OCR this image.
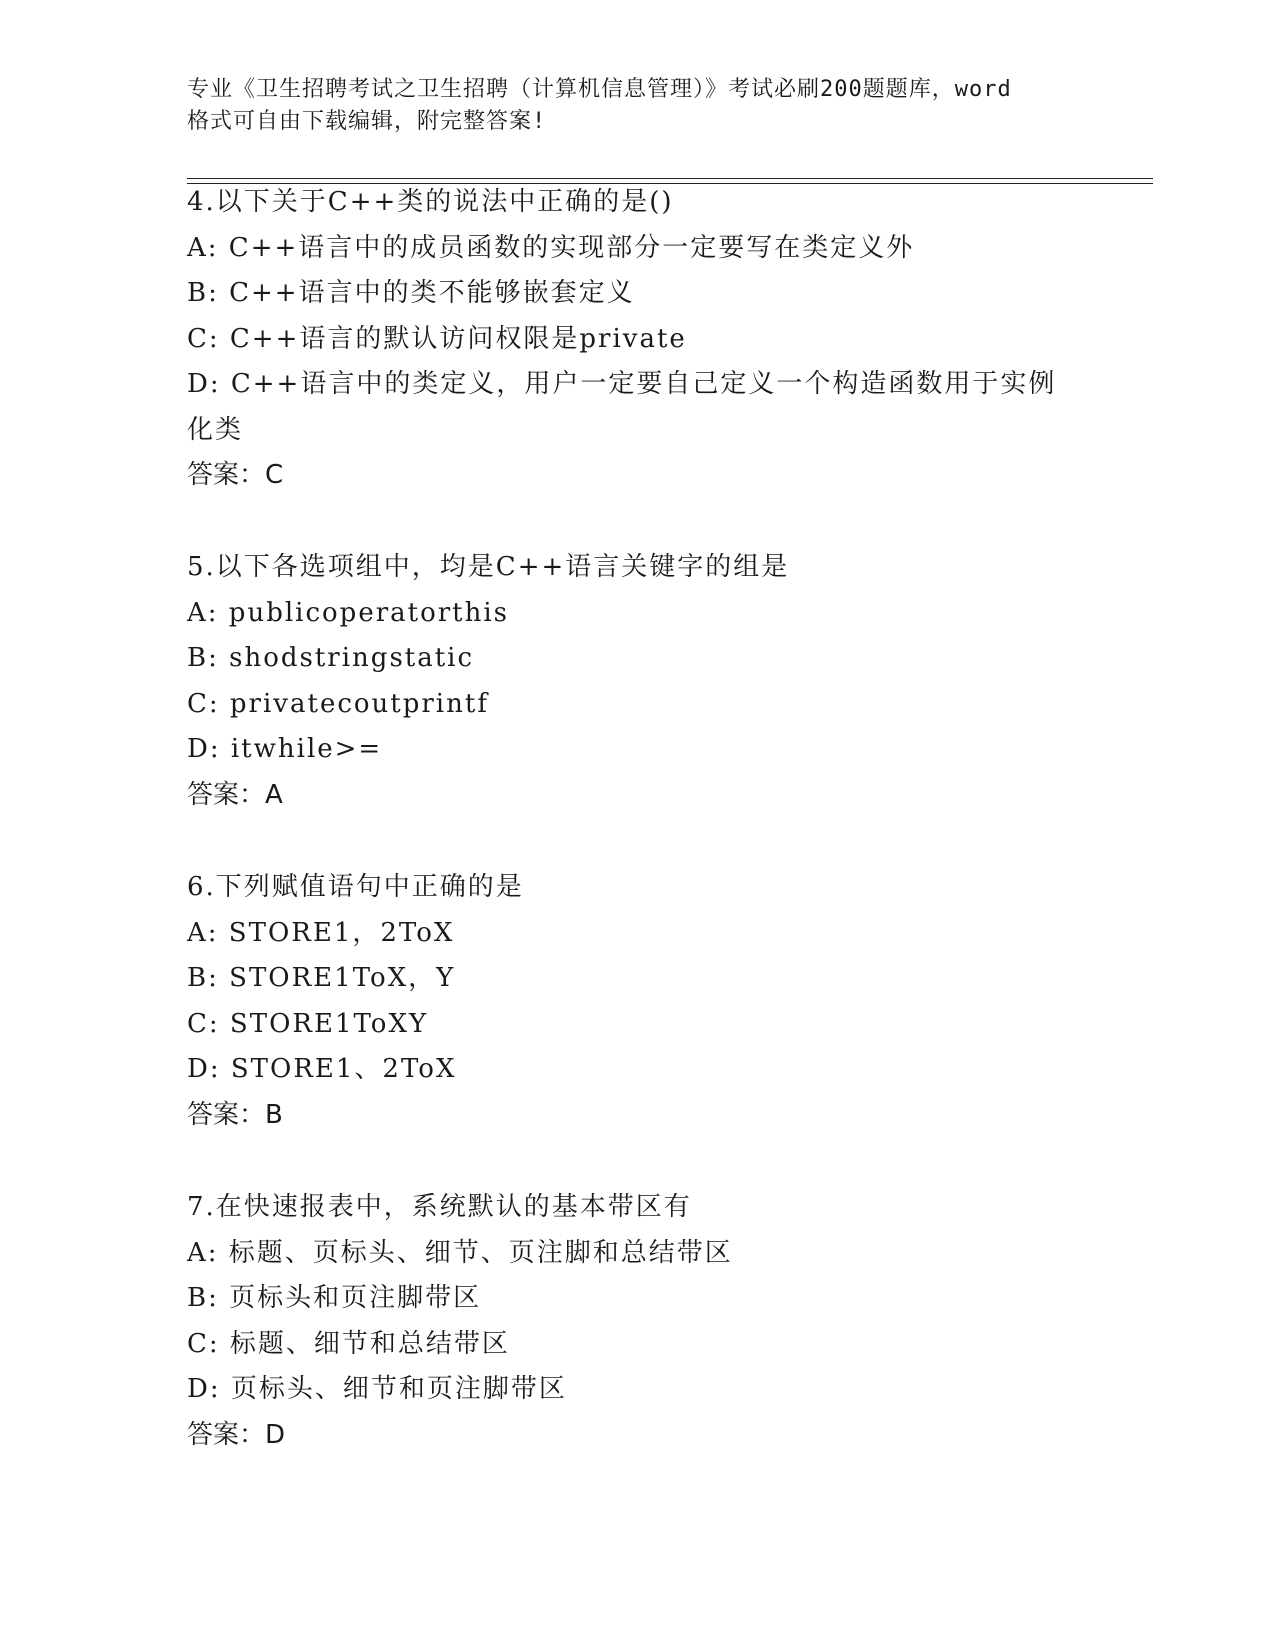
专业《卫生招聘考试之卫生招聘（计算机信息管理）》考试必刷200题题库，word
格式可自由下载编辑，附完整答案!
4.以下关于C++类的说法中正确的是()
A: C++语言中的成员函数的实现部分一定要写在类定义外
B: C++语言中的类不能够嵌套定义
C: C++语言的默认访问权限是private
D: C++语言中的类定义，用户一定要自己定义一个构造函数用于实例
化类
答案：C
5.以下各选项组中，均是C++语言关键字的组是
A: publicoperatorthis
B: shodstringstatic
C: privatecoutprintf
D: itwhile>=
答案：A
6.下列赋值语句中正确的是
A: STORE1，2ToX
B: STORE1ToX，Y
C: STORE1ToXY
D: STORE1、2ToX
答案：B
7.在快速报表中，系统默认的基本带区有
A: 标题、页标头、细节、页注脚和总结带区
B: 页标头和页注脚带区
C: 标题、细节和总结带区
D: 页标头、细节和页注脚带区
答案：D
